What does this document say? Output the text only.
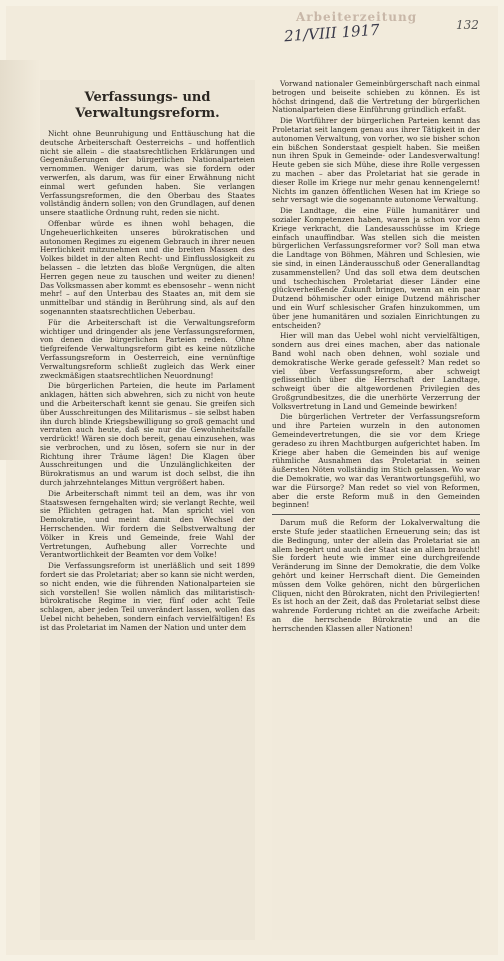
Arbeiterzeitung
21/VIII 1917	132
Verfassungs- und Verwaltungsreform.

Nicht ohne Beunruhigung und Enttäuschung hat die deutsche Arbeiterschaft Oesterreichs – und hoffentlich nicht sie allein – die staatsrechtlichen Erklärungen und Gegenäußerungen der bürgerlichen Nationalparteien vernommen. Weniger darum, was sie fordern oder verwerfen, als darum, was für einer Erwähnung nicht einmal wert gefunden haben. Sie verlangen Verfassungsreformen, die den Oberbau des Staates vollständig ändern sollen; von den Grundlagen, auf denen unsere staatliche Ordnung ruht, reden sie nicht.

Offenbar würde es ihnen wohl behagen, die Ungeheuerlichkeiten unseres bürokratischen und autonomen Regimes zu eigenem Gebrauch in ihrer neuen Herrlichkeit mitzunehmen und die breiten Massen des Volkes bildet in der alten Recht- und Einflusslosigkeit zu belassen – die letzten das bloße Vergnügen, die alten Herren gegen neue zu tauschen und weiter zu dienen! Das Volksmassen aber kommt es ebensosehr – wenn nicht mehr! – auf den Unterbau des Staates an, mit dem sie unmittelbar und ständig in Berührung sind, als auf den sogenannten staatsrechtlichen Ueberbau.

Für die Arbeiterschaft ist die Verwaltungsreform wichtiger und dringender als jene Verfassungsreformen, von denen die bürgerlichen Parteien reden. Ohne tiefgreifende Verwaltungsreform gibt es keine nützliche Verfassungsreform in Oesterreich, eine vernünftige Verwaltungsreform schließt zugleich das Werk einer zweckmäßigen staatsrechtlichen Neuordnung!

Die bürgerlichen Parteien, die heute im Parlament anklagen, hätten sich abwehren, sich zu nicht von heute und die Arbeiterschaft kennt sie genau. Sie greifen sich über Ausschreitungen des Militarismus – sie selbst haben ihn durch blinde Kriegsbewilligung so groß gemacht und verraten auch heute, daß sie nur die Gewohnheitsfalle verdrückt! Wären sie doch bereit, genau einzusehen, was sie verbrochen, und zu lösen, sofern sie nur in der Richtung ihrer Träume lägen! Die Klagen über Ausschreitungen und die Unzulänglichkeiten der Bürokratismus an und warum ist doch selbst, die ihn durch jahrzehntelanges Mittun vergrößert haben.

Die Arbeiterschaft nimmt teil an dem, was ihr von Staatswesen ferngehalten wird; sie verlangt Rechte, weil sie Pflichten getragen hat. Man spricht viel von Demokratie, und meint damit den Wechsel der Herrschenden. Wir fordern die Selbstverwaltung der Völker in Kreis und Gemeinde, freie Wahl der Vertretungen, Aufhebung aller Vorrechte und Verantwortlichkeit der Beamten vor dem Volke!

Die Verfassungsreform ist unerläßlich und seit 1899 fordert sie das Proletariat; aber so kann sie nicht werden, so nicht enden, wie die führenden Nationalparteien sie sich vorstellen! Sie wollen nämlich das militaristisch-bürokratische Regime in vier, fünf oder acht Teile schlagen, aber jeden Teil unverändert lassen, wollen das Uebel nicht beheben, sondern einfach vervielfältigen! Es ist das Proletariat im Namen der Nation und unter dem

Vorwand nationaler Gemeinbürgerschaft nach einmal betrogen und beiseite schieben zu können. Es ist höchst dringend, daß die Vertretung der bürgerlichen Nationalparteien diese Einführung gründlich erfaßt.

Die Wortführer der bürgerlichen Parteien kennt das Proletariat seit langem genau aus ihrer Tätigkeit in der autonomen Verwaltung, von vorher, wo sie bisher schon ein bißchen Sonderstaat gespielt haben. Sie meißen nun ihren Spuk in Gemeinde- oder Landesverwaltung! Heute geben sie sich Mühe, diese ihre Rolle vergessen zu machen – aber das Proletariat hat sie gerade in dieser Rolle im Kriege nur mehr genau kennengelernt! Nichts im ganzen öffentlichen Wesen hat im Kriege so sehr versagt wie die sogenannte autonome Verwaltung.

Die Landtage, die eine Fülle humanitärer und sozialer Kompetenzen haben, waren ja schon vor dem Kriege verkracht, die Landesausschüsse im Kriege einfach unauffindbar. Was stellen sich die meisten bürgerlichen Verfassungsreformer vor? Soll man etwa die Landtage von Böhmen, Mähren und Schlesien, wie sie sind, in einen Länderausschuß oder Generallandtag zusammenstellen? Und das soll etwa dem deutschen und tschechischen Proletariat dieser Länder eine glückverheißende Zukunft bringen, wenn an ein paar Dutzend böhmischer oder einige Dutzend mährischer und ein Wurf schlesischer Grafen hinzukommen, um über jene humanitären und sozialen Einrichtungen zu entscheiden?

Hier will man das Uebel wohl nicht vervielfältigen, sondern aus drei eines machen, aber das nationale Band wohl nach oben dehnen, wohl soziale und demokratische Werke gerade gefesselt? Man redet so viel über Verfassungsreform, aber schweigt geflissentlich über die Herrschaft der Landtage, schweigt über die altgewordenen Privilegien des Großgrundbesitzes, die die unerhörte Verzerrung der Volksvertretung in Land und Gemeinde bewirken!

Die bürgerlichen Vertreter der Verfassungsreform und ihre Parteien wurzeln in den autonomen Gemeindevertretungen, die sie vor dem Kriege geradeso zu ihren Machtburgen aufgerichtet haben. Im Kriege aber haben die Gemeinden bis auf wenige rühmliche Ausnahmen das Proletariat in seinen äußersten Nöten vollständig im Stich gelassen. Wo war die Demokratie, wo war das Verantwortungsgefühl, wo war die Fürsorge? Man redet so viel von Reformen, aber die erste Reform muß in den Gemeinden beginnen!

Darum muß die Reform der Lokalverwaltung die erste Stufe jeder staatlichen Erneuerung sein; das ist die Bedingung, unter der allein das Proletariat sie an allem begehrt und auch der Staat sie an allem braucht! Sie fordert heute wie immer eine durchgreifende Veränderung im Sinne der Demokratie, die dem Volke gehört und keiner Herrschaft dient. Die Gemeinden müssen dem Volke gehören, nicht den bürgerlichen Cliquen, nicht den Bürokraten, nicht den Privilegierten! Es ist hoch an der Zeit, daß das Proletariat selbst diese wahrende Forderung richtet an die zweifache Arbeit: an die herrschende Bürokratie und an die herrschenden Klassen aller Nationen!
